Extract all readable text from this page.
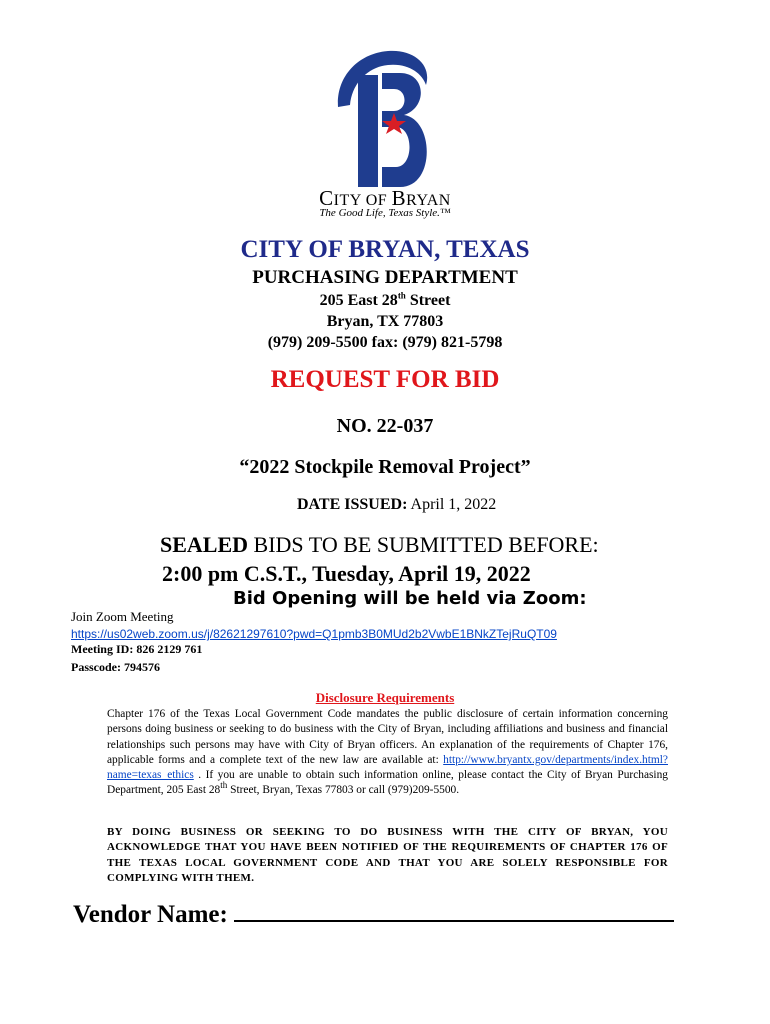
CITY OF BRYAN
The Good Life, Texas Style.™
CITY OF BRYAN, TEXAS
PURCHASING DEPARTMENT
205 East 28th Street
Bryan, TX 77803
(979) 209-5500 fax: (979) 821-5798
REQUEST FOR BID
NO. 22-037
“2022 Stockpile Removal Project”
DATE ISSUED: April 1, 2022
SEALED BIDS TO BE SUBMITTED BEFORE:
2:00 pm C.S.T., Tuesday, April 19, 2022
Bid Opening will be held via Zoom:
Join Zoom Meeting
https://us02web.zoom.us/j/82621297610?pwd=Q1pmb3B0MUd2b2VwbE1BNkZTejRuQT09
Meeting ID: 826 2129 761
Passcode: 794576
Disclosure Requirements
Chapter 176 of the Texas Local Government Code mandates the public disclosure of certain information concerning persons doing business or seeking to do business with the City of Bryan, including affiliations and business and financial relationships such persons may have with City of Bryan officers. An explanation of the requirements of Chapter 176, applicable forms and a complete text of the new law are available at: http://www.bryantx.gov/departments/index.html?name=texas_ethics . If you are unable to obtain such information online, please contact the City of Bryan Purchasing Department, 205 East 28th Street, Bryan, Texas 77803 or call (979)209-5500.
BY DOING BUSINESS OR SEEKING TO DO BUSINESS WITH THE CITY OF BRYAN, YOU ACKNOWLEDGE THAT YOU HAVE BEEN NOTIFIED OF THE REQUIREMENTS OF CHAPTER 176 OF THE TEXAS LOCAL GOVERNMENT CODE AND THAT YOU ARE SOLELY RESPONSIBLE FOR COMPLYING WITH THEM.
Vendor Name:
